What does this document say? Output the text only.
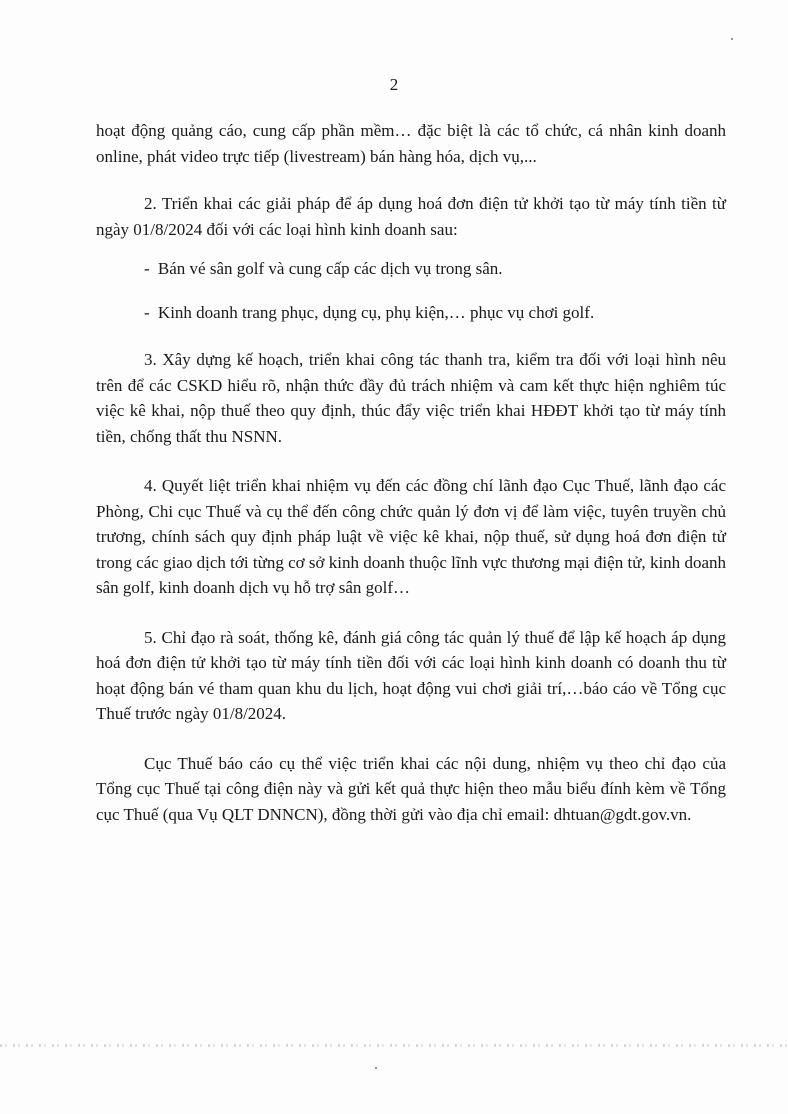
2

hoạt động quảng cáo, cung cấp phần mềm… đặc biệt là các tổ chức, cá nhân kinh doanh online, phát video trực tiếp (livestream) bán hàng hóa, dịch vụ,...

2. Triển khai các giải pháp để áp dụng hoá đơn điện tử khởi tạo từ máy tính tiền từ ngày 01/8/2024 đối với các loại hình kinh doanh sau:

- Bán vé sân golf và cung cấp các dịch vụ trong sân.

- Kinh doanh trang phục, dụng cụ, phụ kiện,… phục vụ chơi golf.

3. Xây dựng kế hoạch, triển khai công tác thanh tra, kiểm tra đối với loại hình nêu trên để các CSKD hiểu rõ, nhận thức đầy đủ trách nhiệm và cam kết thực hiện nghiêm túc việc kê khai, nộp thuế theo quy định, thúc đẩy việc triển khai HĐĐT khởi tạo từ máy tính tiền, chống thất thu NSNN.

4. Quyết liệt triển khai nhiệm vụ đến các đồng chí lãnh đạo Cục Thuế, lãnh đạo các Phòng, Chi cục Thuế và cụ thể đến công chức quản lý đơn vị để làm việc, tuyên truyền chủ trương, chính sách quy định pháp luật về việc kê khai, nộp thuế, sử dụng hoá đơn điện tử trong các giao dịch tới từng cơ sở kinh doanh thuộc lĩnh vực thương mại điện tử, kinh doanh sân golf, kinh doanh dịch vụ hỗ trợ sân golf…

5. Chỉ đạo rà soát, thống kê, đánh giá công tác quản lý thuế để lập kế hoạch áp dụng hoá đơn điện tử khởi tạo từ máy tính tiền đối với các loại hình kinh doanh có doanh thu từ hoạt động bán vé tham quan khu du lịch, hoạt động vui chơi giải trí,…báo cáo về Tổng cục Thuế trước ngày 01/8/2024.

Cục Thuế báo cáo cụ thể việc triển khai các nội dung, nhiệm vụ theo chỉ đạo của Tổng cục Thuế tại công điện này và gửi kết quả thực hiện theo mẫu biểu đính kèm về Tổng cục Thuế (qua Vụ QLT DNNCN), đồng thời gửi vào địa chỉ email: dhtuan@gdt.gov.vn.
